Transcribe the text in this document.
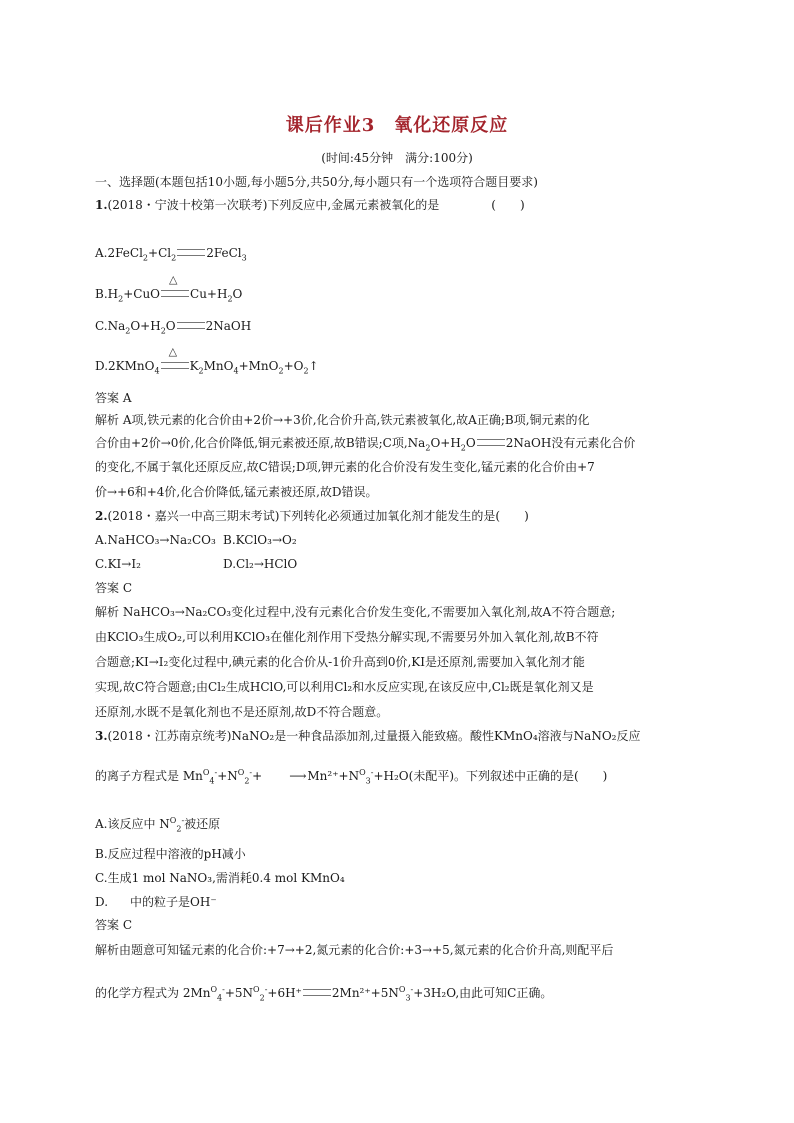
课后作业3　氧化还原反应
(时间:45分钟　满分:100分)
一、选择题(本题包括10小题,每小题5分,共50分,每小题只有一个选项符合题目要求)
1.(2018・宁波十校第一次联考)下列反应中,金属元素被氧化的是	(　　)
$A.2FeCl_2+Cl_2$	2FeCl$_3$
$B.H_2+CuO$
△
$Cu+H_2O$
$C.Na_2O+H_2O$	2NaOH
D.2KMnO$_4$
△
$K_2MnO_4+MnO_2+O_2↑$
答案 A
解析 A项,铁元素的化合价由+2价→+3价,化合价升高,铁元素被氧化,故A正确;B项,铜元素的化
合价由+2价→0价,化合价降低,铜元素被还原,故B错误;C项$,Na_2O+H_2O$	2NaOH没有元素化合价
的变化,不属于氧化还原反应,故C错误;D项,钾元素的化合价没有发生变化,锰元素的化合价由+7
价→+6和+4价,化合价降低,锰元素被还原,故D错误。
2.(2018・嘉兴一中高三期末考试)下列转化必须通过加氧化剂才能发生的是(　　)
A.NaHCO₃→Na₂CO₃ B.KClO₃→O₂
C.KI→I₂	D.Cl₂→HClO
答案 C
解析 NaHCO₃→Na₂CO₃变化过程中,没有元素化合价发生变化,不需要加入氧化剂,故A不符合题意;
由KClO₃生成O₂,可以利用KClO₃在催化剂作用下受热分解实现,不需要另外加入氧化剂,故B不符
合题意;KI→I₂变化过程中,碘元素的化合价从-1价升高到0价,KI是还原剂,需要加入氧化剂才能
实现,故C符合题意;由Cl₂生成HClO,可以利用Cl₂和水反应实现,在该反应中,Cl₂既是氧化剂又是
还原剂,水既不是氧化剂也不是还原剂,故D不符合题意。
3.(2018・江苏南京统考)NaNO₂是一种食品添加剂,过量摄入能致癌。酸性KMnO₄溶液与NaNO₂反应
的离子方程式是 $Mn^O_4^-+N^O_2^-+$ $⟶Mn^{2+}+N^O_3^-+H_2O$(未配平)。下列叙述中正确的是(　　)
A.该反应中 $N^O_2^-$被还原
B.反应过程中溶液的pH减小
C.生成1 mol NaNO₃,需消耗0.4 mol KMnO₄
D. 中的粒子是OH⁻
答案 C
解析由题意可知锰元素的化合价:+7→+2,氮元素的化合价:+3→+5,氮元素的化合价升高,则配平后
的化学方程式为 $2Mn^O_4^-+5N^O_2^-+6H^+$	$2Mn^{2+}+5N^O_3^-+3H_2O$,由此可知C正确。
